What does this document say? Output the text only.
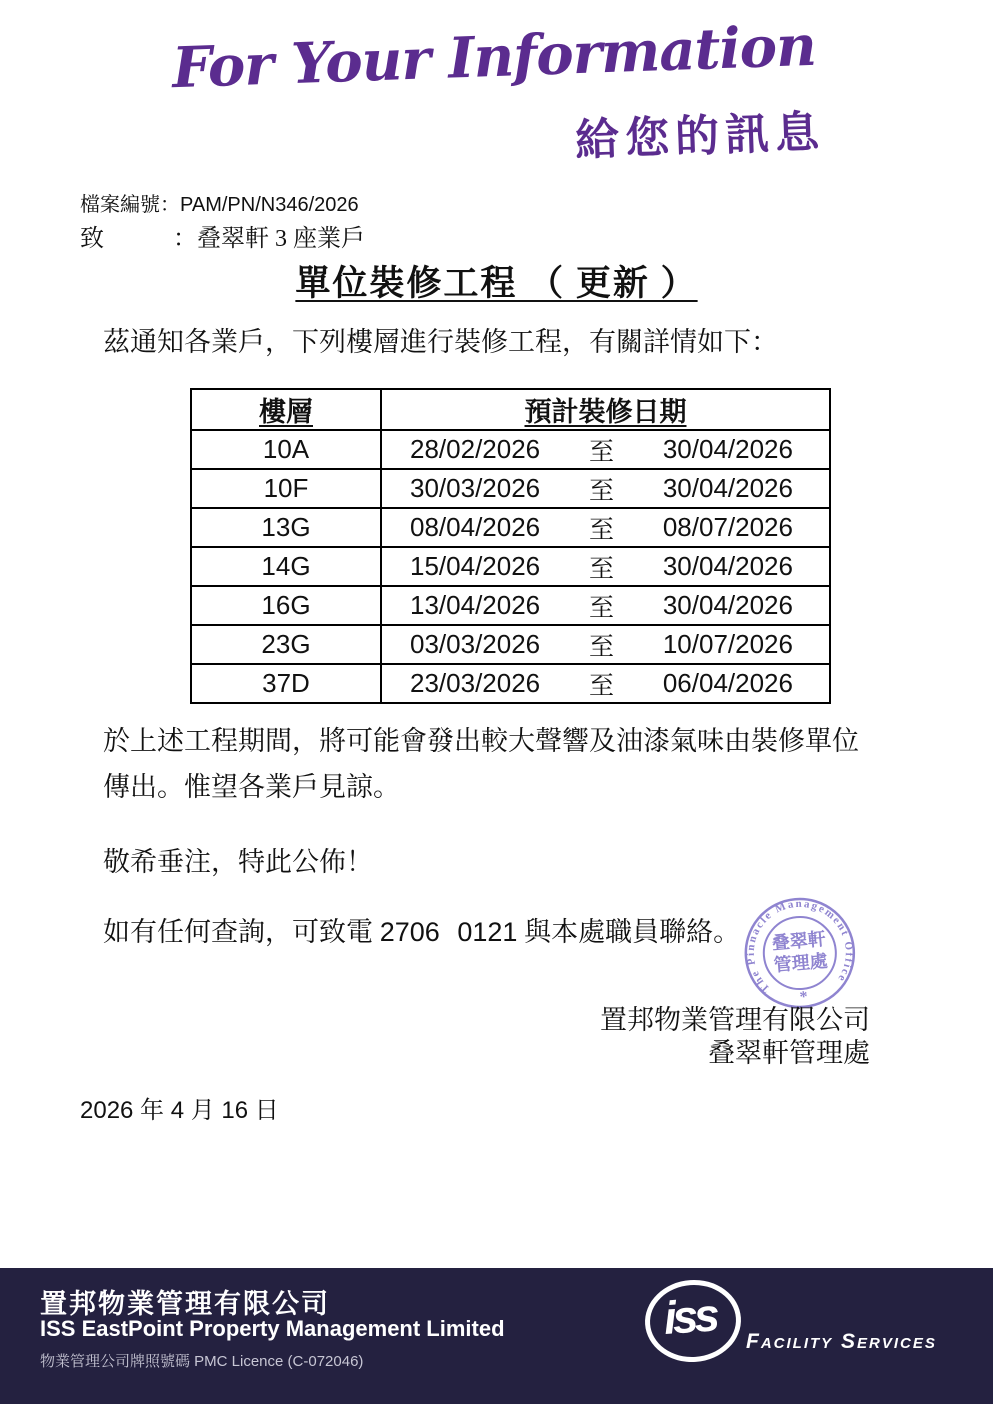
For Your Information
給您的訊息
檔案編號：PAM/PN/N346/2026
致	：叠翠軒 3 座業戶
單位裝修工程 （ 更新 ）
茲通知各業戶，下列樓層進行裝修工程，有關詳情如下：
樓層	預計裝修日期
10A	28/02/2026 至 30/04/2026

10F	30/03/2026 至 30/04/2026

13G	08/04/2026 至 08/07/2026

14G	15/04/2026 至 30/04/2026

16G	13/04/2026 至 30/04/2026

23G	03/03/2026 至 10/07/2026

37D	23/03/2026 至 06/04/2026
於上述工程期間，將可能會發出較大聲響及油漆氣味由裝修單位傳出。惟望各業戶見諒。
敬希垂注，特此公佈！
如有任何查詢，可致電 2706 0121 與本處職員聯絡。
The Pinnacle Management Office
叠翠軒
管理處
*
置邦物業管理有限公司
叠翠軒管理處
2026 年 4 月 16 日
置邦物業管理有限公司
ISS EastPoint Property Management Limited
物業管理公司牌照號碼 PMC Licence (C-072046)
iss Facility Services
